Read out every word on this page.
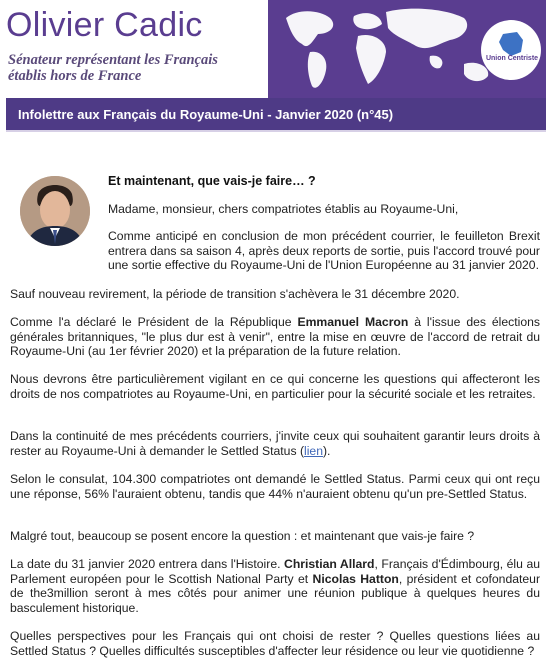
Union Centriste
Olivier Cadic
Sénateur représentant les Français
établis hors de France
Infolettre aux Français du Royaume-Uni - Janvier 2020 (n°45)
Et maintenant, que vais-je faire… ?

Madame, monsieur, chers compatriotes établis au Royaume-Uni,

Comme anticipé en conclusion de mon précédent courrier, le feuilleton Brexit entrera dans sa saison 4, après deux reports de sortie, puis l'accord trouvé pour une sortie effective du Royaume-Uni de l'Union Européenne au 31 janvier 2020.

Sauf nouveau revirement, la période de transition s'achèvera le 31 décembre 2020.

Comme l'a déclaré le Président de la République Emmanuel Macron à l'issue des élections générales britanniques, "le plus dur est à venir", entre la mise en œuvre de l'accord de retrait du Royaume-Uni (au 1er février 2020) et la préparation de la future relation.

Nous devrons être particulièrement vigilant en ce qui concerne les questions qui affecteront les droits de nos compatriotes au Royaume-Uni, en particulier pour la sécurité sociale et les retraites.

Dans la continuité de mes précédents courriers, j'invite ceux qui souhaitent garantir leurs droits à rester au Royaume-Uni à demander le Settled Status (lien).

Selon le consulat, 104.300 compatriotes ont demandé le Settled Status. Parmi ceux qui ont reçu une réponse, 56% l'auraient obtenu, tandis que 44% n'auraient obtenu qu'un pre-Settled Status.

Malgré tout, beaucoup se posent encore la question : et maintenant que vais-je faire ?

La date du 31 janvier 2020 entrera dans l'Histoire. Christian Allard, Français d'Édimbourg, élu au Parlement européen pour le Scottish National Party et Nicolas Hatton, président et cofondateur de the3million seront à mes côtés pour animer une réunion publique à quelques heures du basculement historique.

Quelles perspectives pour les Français qui ont choisi de rester ? Quelles questions liées au Settled Status ? Quelles difficultés susceptibles d'affecter leur résidence ou leur vie quotidienne ?
